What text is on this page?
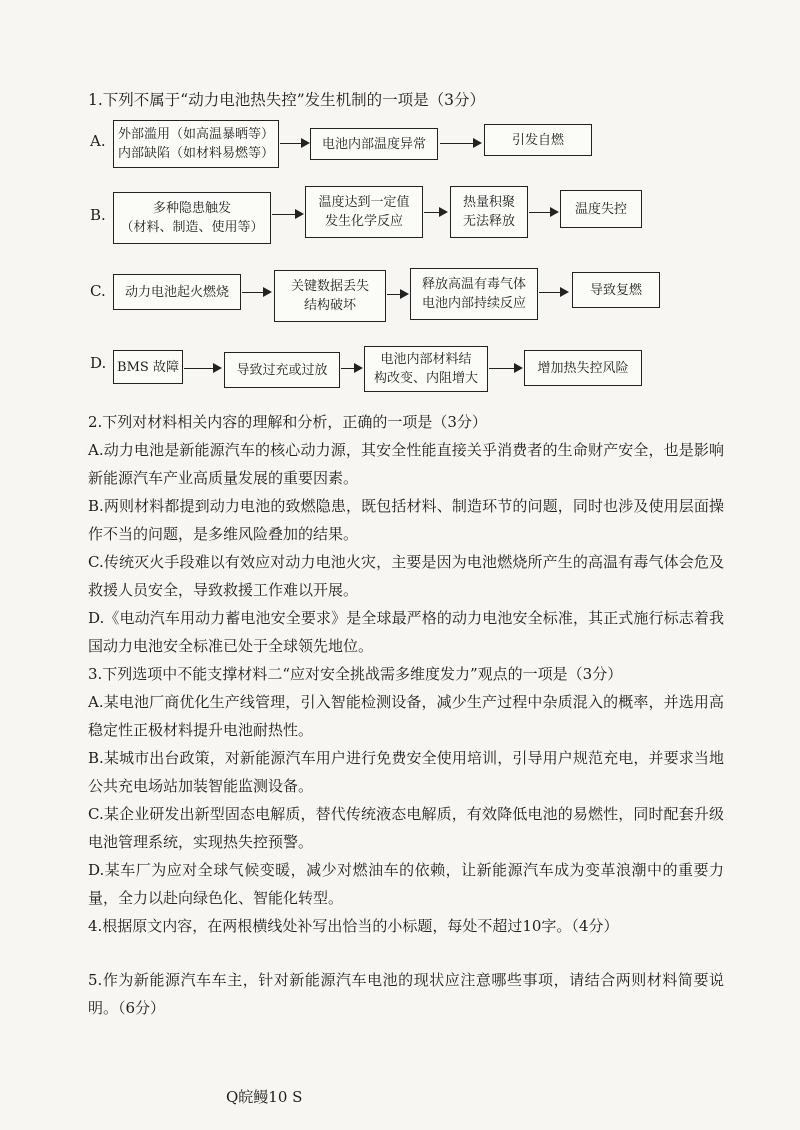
1.下列不属于“动力电池热失控”发生机制的一项是（3分）
A. 外部滥用（如高温暴晒等）
内部缺陷（如材料易燃等）
电池内部温度异常	引发自燃
B.	多种隐患触发
（材料、制造、使用等）
温度达到一定值
发生化学反应
热量积聚
无法释放
温度失控
C.	动力电池起火燃烧	关键数据丢失
结构破坏
释放高温有毒气体
电池内部持续反应
导致复燃
D. BMS 故障	导致过充或过放
电池内部材料结
构改变、内阻增大
增加热失控风险
2.下列对材料相关内容的理解和分析，正确的一项是（3分）
A.动力电池是新能源汽车的核心动力源，其安全性能直接关乎消费者的生命财产安全，也是影响新能源汽车产业高质量发展的重要因素。
B.两则材料都提到动力电池的致燃隐患，既包括材料、制造环节的问题，同时也涉及使用层面操作不当的问题，是多维风险叠加的结果。
C.传统灭火手段难以有效应对动力电池火灾，主要是因为电池燃烧所产生的高温有毒气体会危及救援人员安全，导致救援工作难以开展。
D.《电动汽车用动力蓄电池安全要求》是全球最严格的动力电池安全标准，其正式施行标志着我国动力电池安全标准已处于全球领先地位。
3.下列选项中不能支撑材料二“应对安全挑战需多维度发力”观点的一项是（3分）
A.某电池厂商优化生产线管理，引入智能检测设备，减少生产过程中杂质混入的概率，并选用高稳定性正极材料提升电池耐热性。
B.某城市出台政策，对新能源汽车用户进行免费安全使用培训，引导用户规范充电，并要求当地公共充电场站加装智能监测设备。
C.某企业研发出新型固态电解质，替代传统液态电解质，有效降低电池的易燃性，同时配套升级电池管理系统，实现热失控预警。
D.某车厂为应对全球气候变暖，减少对燃油车的依赖，让新能源汽车成为变革浪潮中的重要力量，全力以赴向绿色化、智能化转型。
4.根据原文内容，在两根横线处补写出恰当的小标题，每处不超过10字。（4分）
5.作为新能源汽车车主，针对新能源汽车电池的现状应注意哪些事项，请结合两则材料简要说明。（6分）
Q皖鳗10 S
